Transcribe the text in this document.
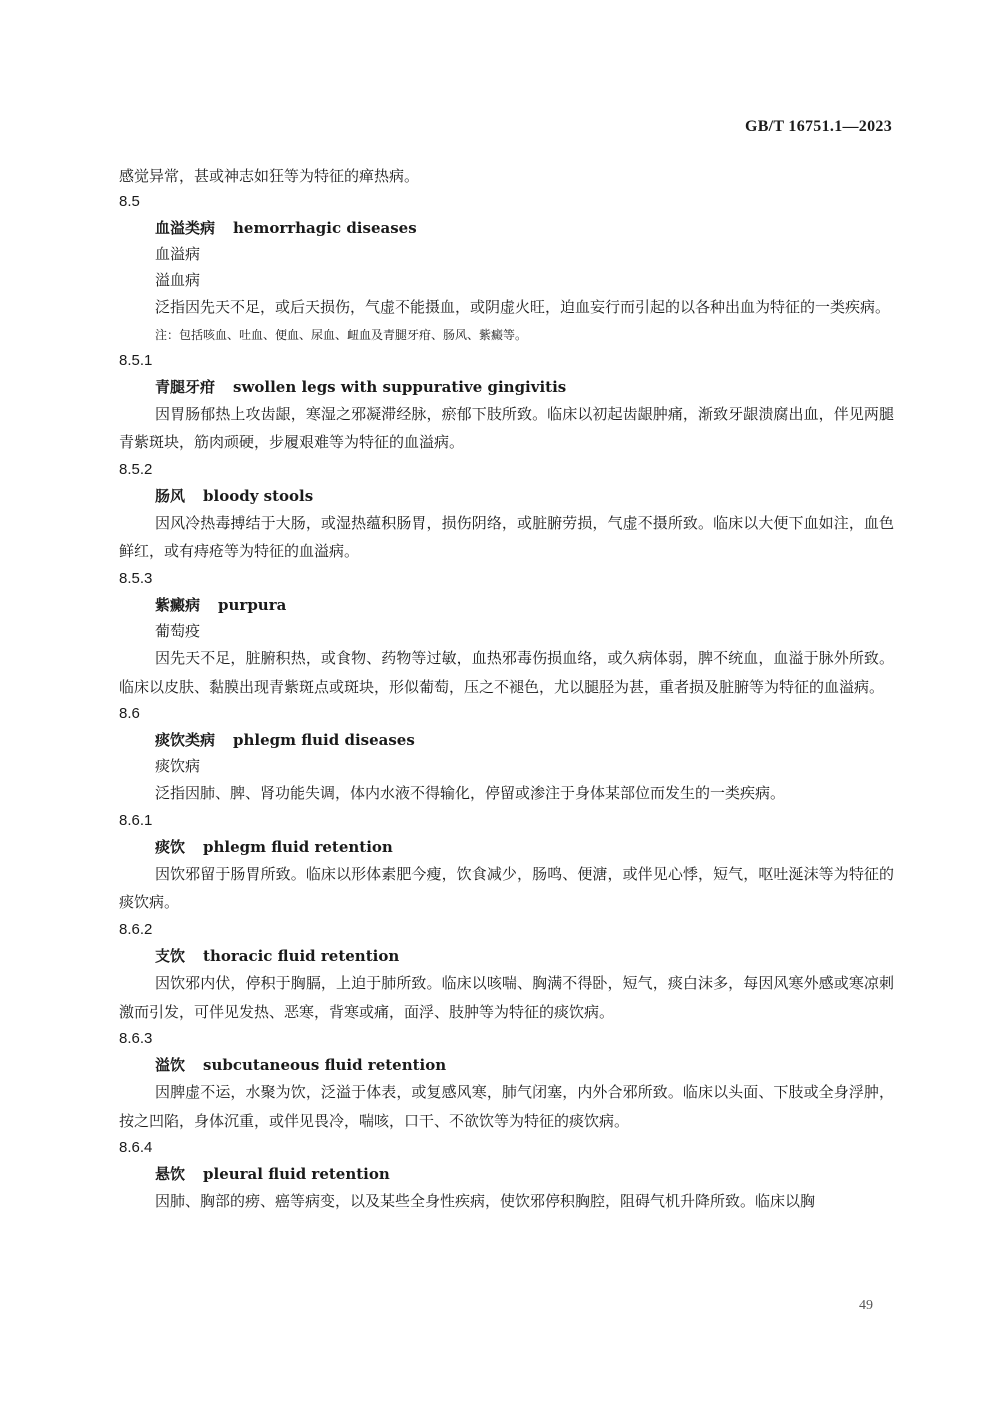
GB/T 16751.1—2023
感觉异常，甚或神志如狂等为特征的瘅热病。
8.5
血溢类病 hemorrhagic diseases
血溢病
溢血病
泛指因先天不足，或后天损伤，气虚不能摄血，或阴虚火旺，迫血妄行而引起的以各种出血为特征的一类疾病。
注：包括咳血、吐血、便血、尿血、衄血及青腿牙疳、肠风、紫癜等。
8.5.1
青腿牙疳 swollen legs with suppurative gingivitis
因胃肠郁热上攻齿龈，寒湿之邪凝滞经脉，瘀郁下肢所致。临床以初起齿龈肿痛，渐致牙龈溃腐出血，伴见两腿青紫斑块，筋肉顽硬，步履艰难等为特征的血溢病。
8.5.2
肠风 bloody stools
因风冷热毒搏结于大肠，或湿热蕴积肠胃，损伤阴络，或脏腑劳损，气虚不摄所致。临床以大便下血如注，血色鲜红，或有痔疮等为特征的血溢病。
8.5.3
紫癜病 purpura
葡萄疫
因先天不足，脏腑积热，或食物、药物等过敏，血热邪毒伤损血络，或久病体弱，脾不统血，血溢于脉外所致。临床以皮肤、黏膜出现青紫斑点或斑块，形似葡萄，压之不褪色，尤以腿胫为甚，重者损及脏腑等为特征的血溢病。
8.6
痰饮类病 phlegm fluid diseases
痰饮病
泛指因肺、脾、肾功能失调，体内水液不得输化，停留或渗注于身体某部位而发生的一类疾病。
8.6.1
痰饮 phlegm fluid retention
因饮邪留于肠胃所致。临床以形体素肥今瘦，饮食减少，肠鸣、便溏，或伴见心悸，短气，呕吐涎沫等为特征的痰饮病。
8.6.2
支饮 thoracic fluid retention
因饮邪内伏，停积于胸膈，上迫于肺所致。临床以咳喘、胸满不得卧，短气，痰白沫多，每因风寒外感或寒凉刺激而引发，可伴见发热、恶寒，背寒或痛，面浮、肢肿等为特征的痰饮病。
8.6.3
溢饮 subcutaneous fluid retention
因脾虚不运，水聚为饮，泛溢于体表，或复感风寒，肺气闭塞，内外合邪所致。临床以头面、下肢或全身浮肿，按之凹陷，身体沉重，或伴见畏冷，喘咳，口干、不欲饮等为特征的痰饮病。
8.6.4
悬饮 pleural fluid retention
因肺、胸部的痨、癌等病变，以及某些全身性疾病，使饮邪停积胸腔，阻碍气机升降所致。临床以胸
49
